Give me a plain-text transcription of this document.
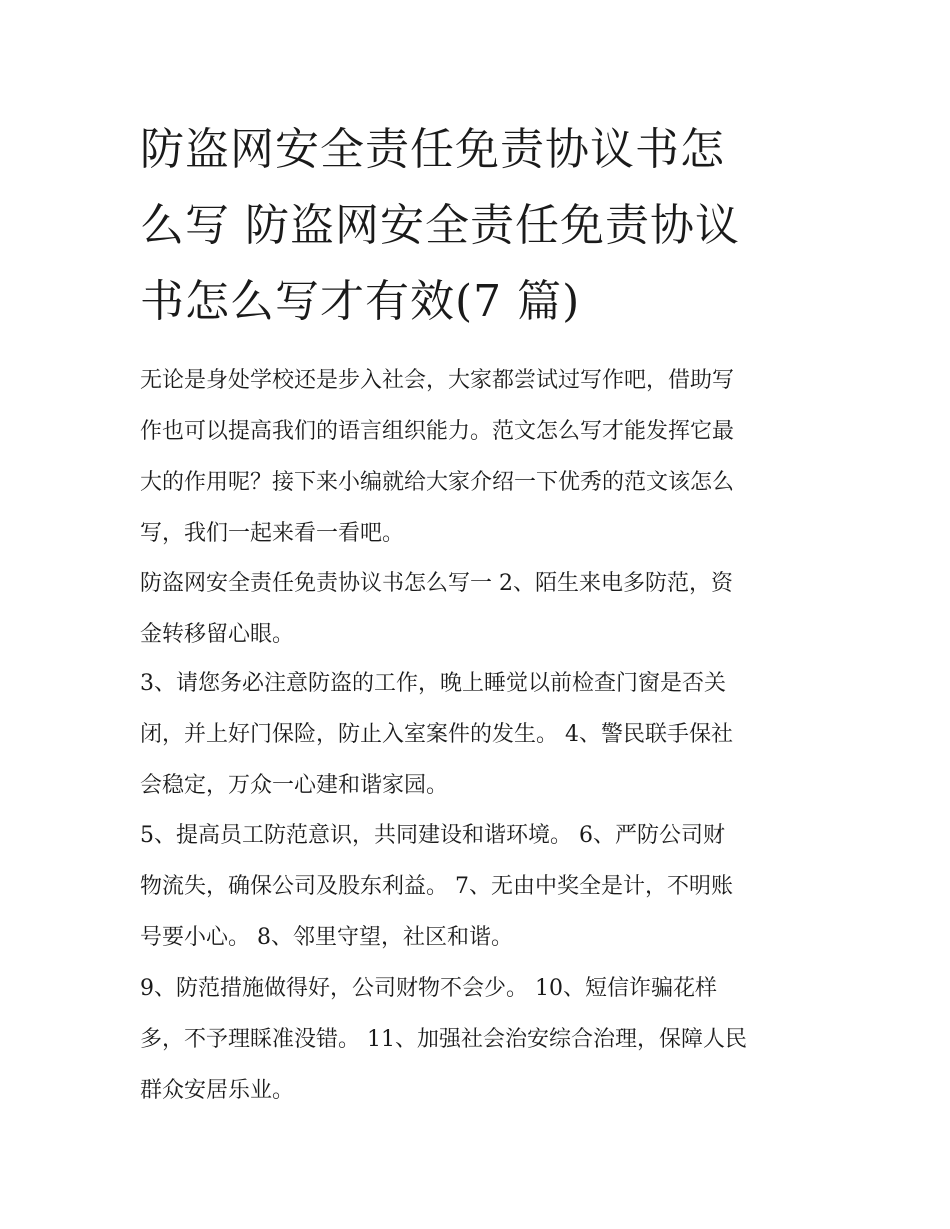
防盗网安全责任免责协议书怎
么写 防盗网安全责任免责协议
书怎么写才有效(7 篇)

无论是身处学校还是步入社会，大家都尝试过写作吧，借助写
作也可以提高我们的语言组织能力。范文怎么写才能发挥它最
大的作用呢？接下来小编就给大家介绍一下优秀的范文该怎么
写，我们一起来看一看吧。

防盗网安全责任免责协议书怎么写一 2、陌生来电多防范，资
金转移留心眼。

3、请您务必注意防盗的工作，晚上睡觉以前检查门窗是否关
闭，并上好门保险，防止入室案件的发生。 4、警民联手保社
会稳定，万众一心建和谐家园。

5、提高员工防范意识，共同建设和谐环境。 6、严防公司财
物流失，确保公司及股东利益。 7、无由中奖全是计，不明账
号要小心。 8、邻里守望，社区和谐。

9、防范措施做得好，公司财物不会少。 10、短信诈骗花样
多，不予理睬准没错。 11、加强社会治安综合治理，保障人民
群众安居乐业。
